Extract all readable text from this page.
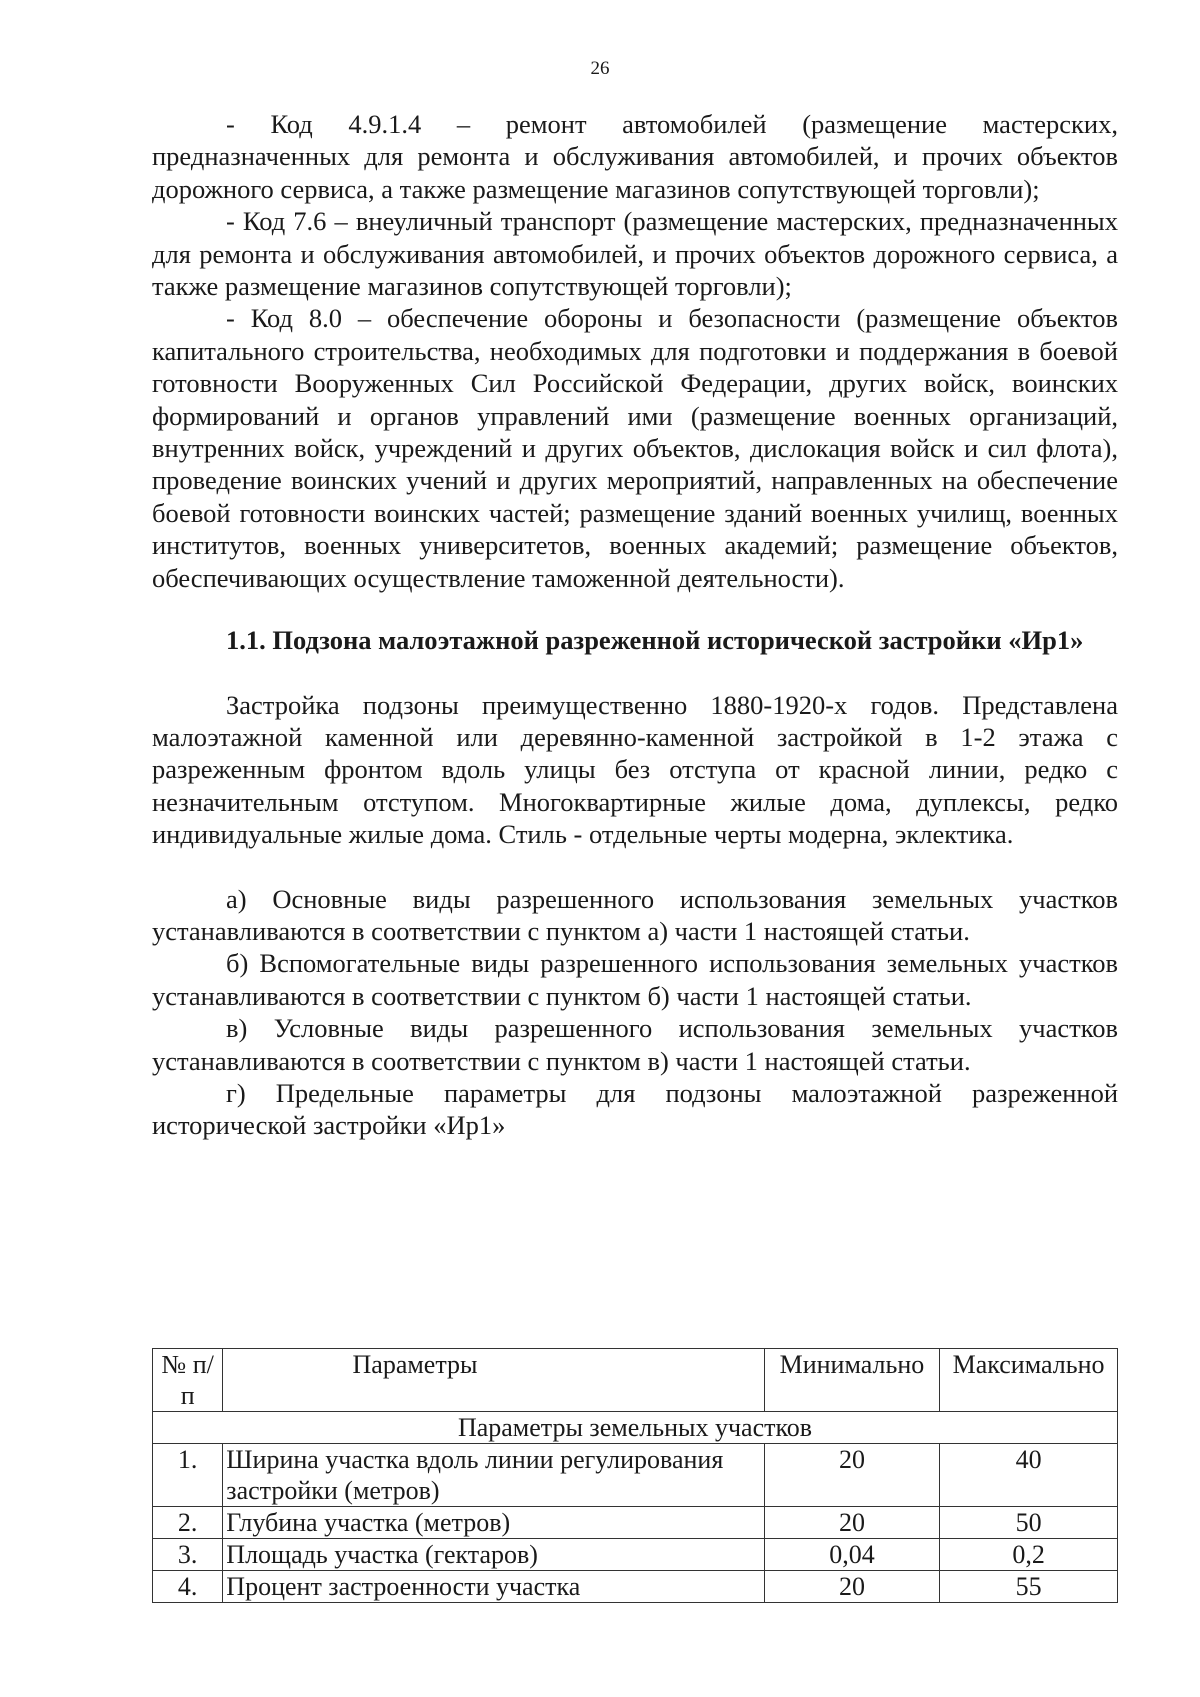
26

- Код 4.9.1.4 – ремонт автомобилей (размещение мастерских, предназначенных для ремонта и обслуживания автомобилей, и прочих объектов дорожного сервиса, а также размещение магазинов сопутствующей торговли);

- Код 7.6 – внеуличный транспорт (размещение мастерских, предназначенных для ремонта и обслуживания автомобилей, и прочих объектов дорожного сервиса, а также размещение магазинов сопутствующей торговли);

- Код 8.0 – обеспечение обороны и безопасности (размещение объектов капитального строительства, необходимых для подготовки и поддержания в боевой готовности Вооруженных Сил Российской Федерации, других войск, воинских формирований и органов управлений ими (размещение военных организаций, внутренних войск, учреждений и других объектов, дислокация войск и сил флота), проведение воинских учений и других мероприятий, направленных на обеспечение боевой готовности воинских частей; размещение зданий военных училищ, военных институтов, военных университетов, военных академий; размещение объектов, обеспечивающих осуществление таможенной деятельности).

1.1. Подзона малоэтажной разреженной исторической застройки «Ир1»

Застройка подзоны преимущественно 1880-1920-х годов. Представлена малоэтажной каменной или деревянно-каменной застройкой в 1-2 этажа с разреженным фронтом вдоль улицы без отступа от красной линии, редко с незначительным отступом. Многоквартирные жилые дома, дуплексы, редко индивидуальные жилые дома. Стиль - отдельные черты модерна, эклектика.

а) Основные виды разрешенного использования земельных участков устанавливаются в соответствии с пунктом а) части 1 настоящей статьи.

б) Вспомогательные виды разрешенного использования земельных участков устанавливаются в соответствии с пунктом б) части 1 настоящей статьи.

в) Условные виды разрешенного использования земельных участков устанавливаются в соответствии с пунктом в) части 1 настоящей статьи.

г) Предельные параметры для подзоны малоэтажной разреженной исторической застройки «Ир1»

№ п/п	Параметры	Минимально	Максимально
Параметры земельных участков			
1.	Ширина участка вдоль линии регулирования застройки (метров)	20	40
2.	Глубина участка (метров)	20	50
3.	Площадь участка (гектаров)	0,04	0,2
4.	Процент застроенности участка	20	55
